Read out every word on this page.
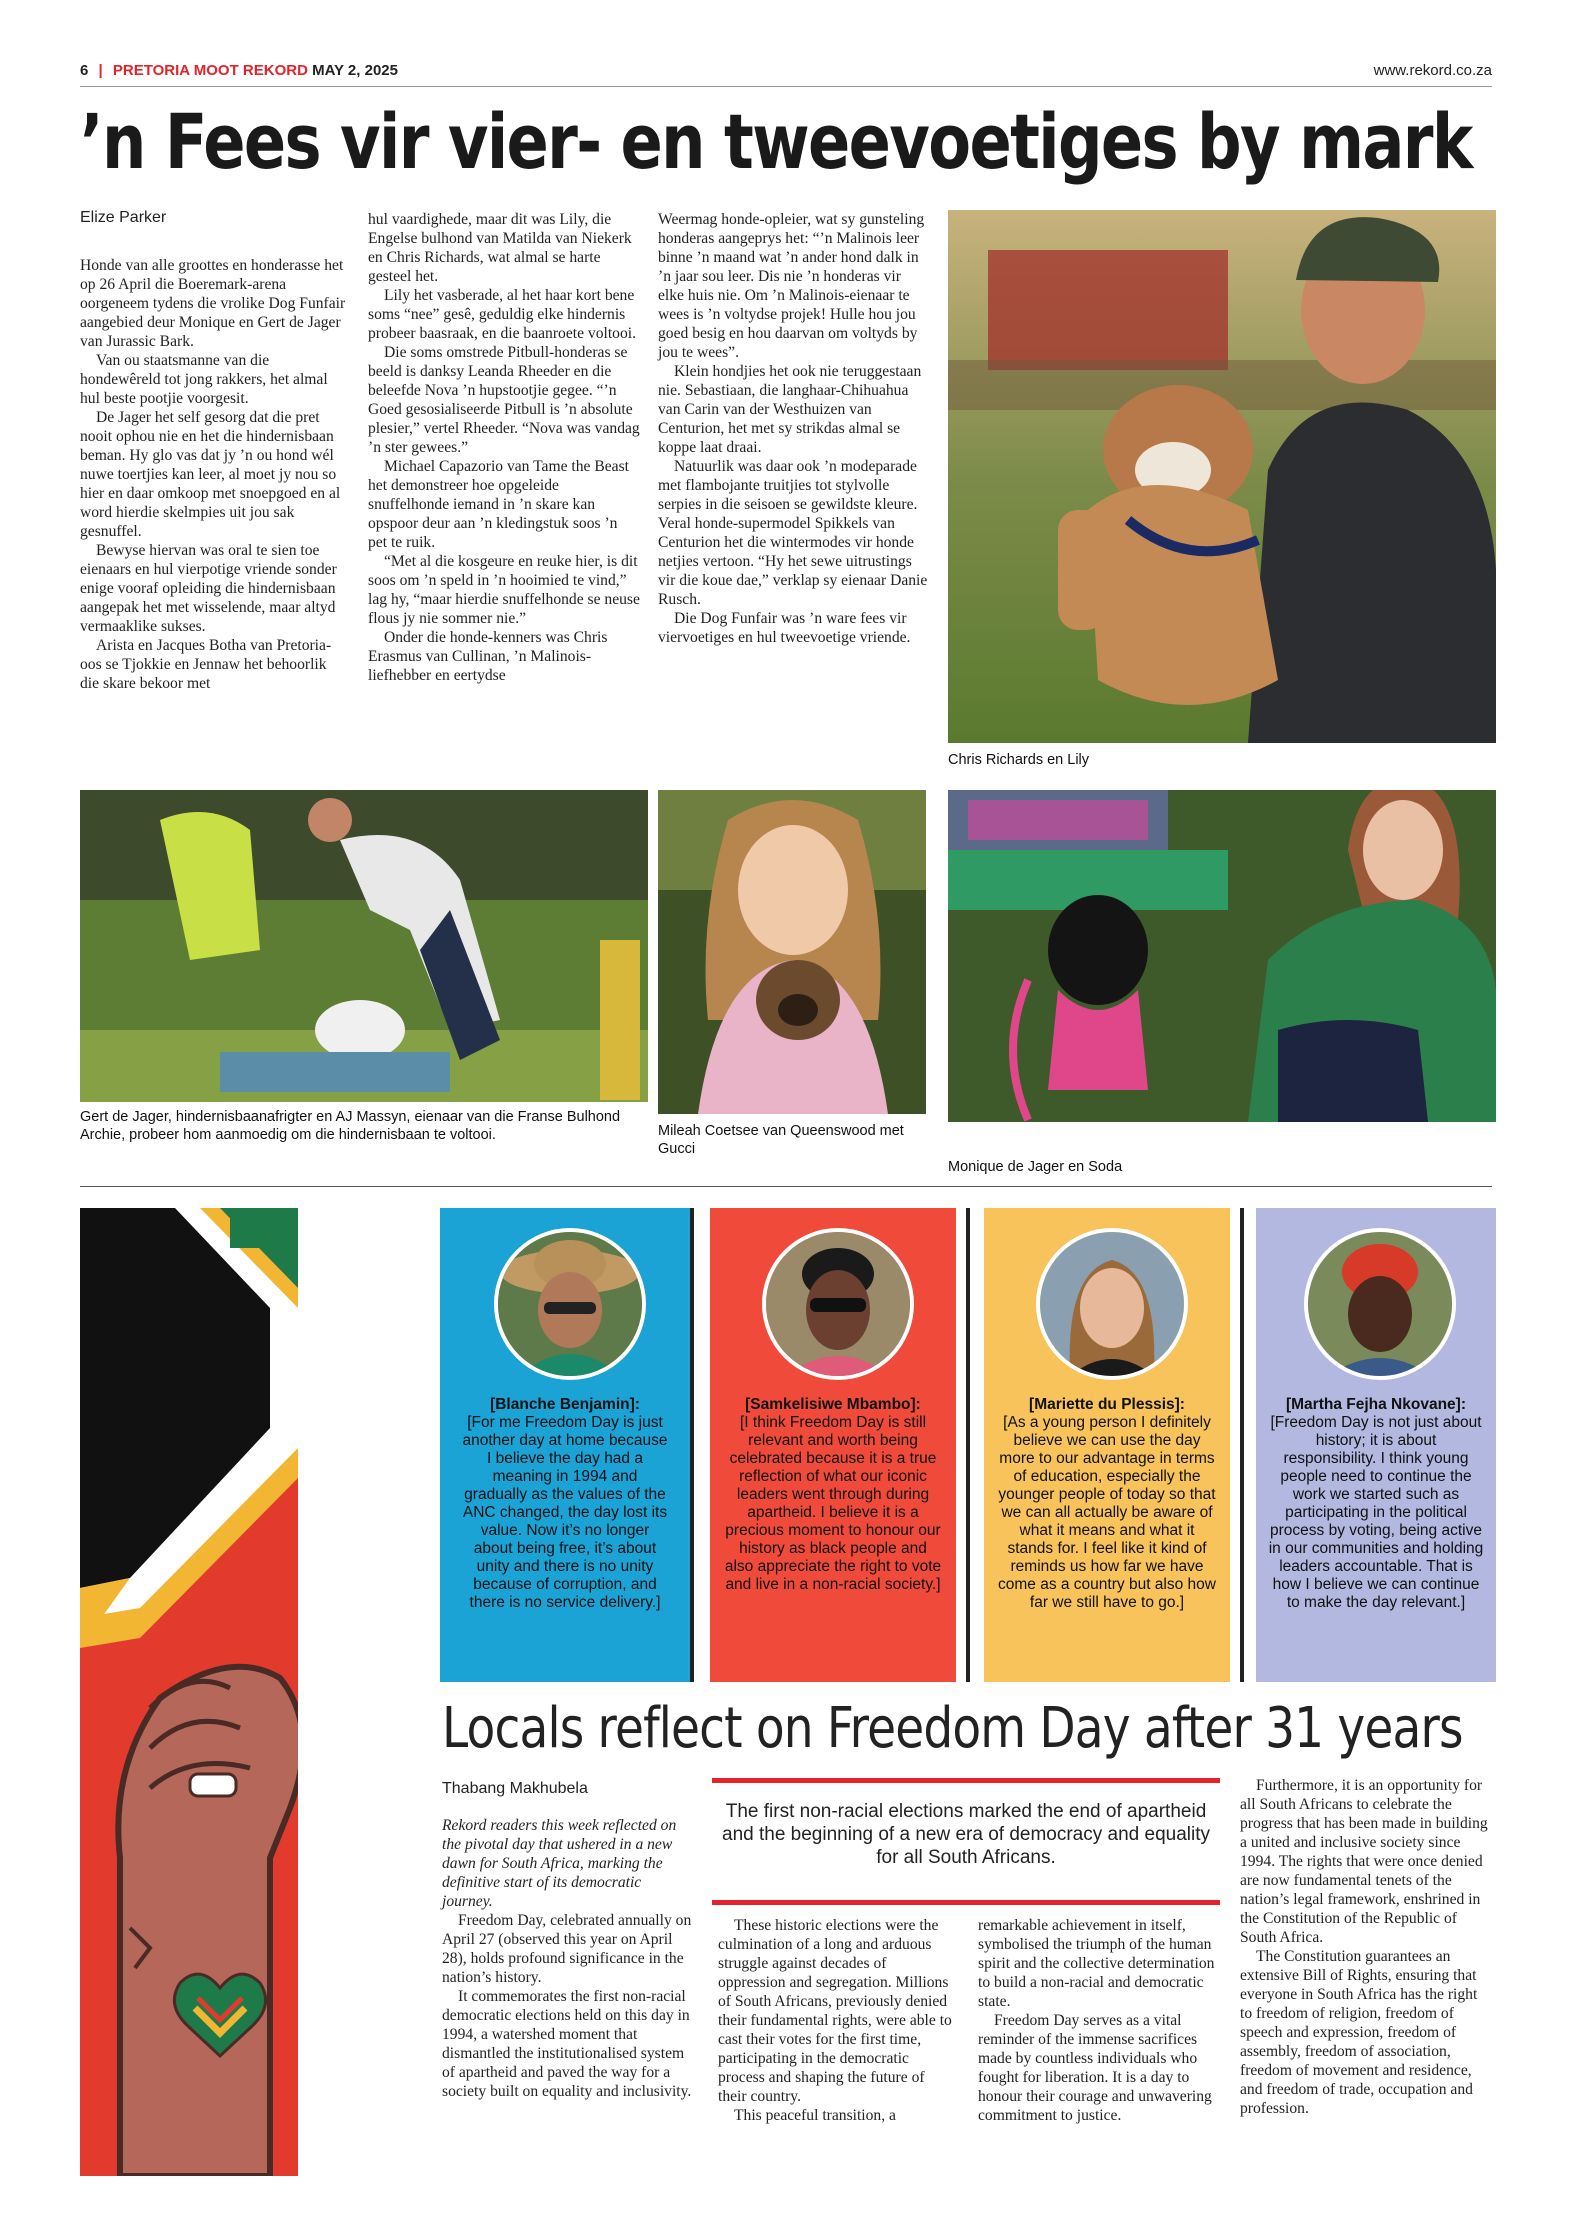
6 | PRETORIA MOOT REKORD MAY 2, 2025	www.rekord.co.za
’n Fees vir vier- en tweevoetiges by mark
Elize Parker

Honde van alle groottes en honderasse het op 26 April die Boeremark-arena oorgeneem tydens die vrolike Dog Funfair aangebied deur Monique en Gert de Jager van Jurassic Bark.

Van ou staatsmanne van die hondewêreld tot jong rakkers, het almal hul beste pootjie voorgesit.

De Jager het self gesorg dat die pret nooit ophou nie en het die hindernisbaan beman. Hy glo vas dat jy ’n ou hond wél nuwe toertjies kan leer, al moet jy nou so hier en daar omkoop met snoepgoed en al word hierdie skelmpies uit jou sak gesnuffel.

Bewyse hiervan was oral te sien toe eienaars en hul vierpotige vriende sonder enige vooraf opleiding die hindernisbaan aangepak het met wisselende, maar altyd vermaaklike sukses.

Arista en Jacques Botha van Pretoria-oos se Tjokkie en Jennaw het behoorlik die skare bekoor met

hul vaardighede, maar dit was Lily, die Engelse bulhond van Matilda van Niekerk en Chris Richards, wat almal se harte gesteel het.

Lily het vasberade, al het haar kort bene soms “nee” gesê, geduldig elke hindernis probeer baasraak, en die baanroete voltooi.

Die soms omstrede Pitbull-honderas se beeld is danksy Leanda Rheeder en die beleefde Nova ’n hupstootjie gegee. “’n Goed gesosialiseerde Pitbull is ’n absolute plesier,” vertel Rheeder. “Nova was vandag ’n ster gewees.”

Michael Capazorio van Tame the Beast het demonstreer hoe opgeleide snuffelhonde iemand in ’n skare kan opspoor deur aan ’n kledingstuk soos ’n pet te ruik.

“Met al die kosgeure en reuke hier, is dit soos om ’n speld in ’n hooimied te vind,” lag hy, “maar hierdie snuffelhonde se neuse flous jy nie sommer nie.”

Onder die honde-kenners was Chris Erasmus van Cullinan, ’n Malinois-liefhebber en eertydse

Weermag honde-opleier, wat sy gunsteling honderas aangeprys het: “’n Malinois leer binne ’n maand wat ’n ander hond dalk in ’n jaar sou leer. Dis nie ’n honderas vir elke huis nie. Om ’n Malinois-eienaar te wees is ’n voltydse projek! Hulle hou jou goed besig en hou daarvan om voltyds by jou te wees”.

Klein hondjies het ook nie teruggestaan nie. Sebastiaan, die langhaar-Chihuahua van Carin van der Westhuizen van Centurion, het met sy strikdas almal se koppe laat draai.

Natuurlik was daar ook ’n modeparade met flambojante truitjies tot stylvolle serpies in die seisoen se gewildste kleure. Veral honde-supermodel Spikkels van Centurion het die wintermodes vir honde netjies vertoon. “Hy het sewe uitrustings vir die koue dae,” verklap sy eienaar Danie Rusch.

Die Dog Funfair was ’n ware fees vir viervoetiges en hul tweevoetige vriende.

Chris Richards en Lily
Gert de Jager, hindernisbaanafrigter en AJ Massyn, eienaar van die Franse Bulhond Archie, probeer hom aanmoedig om die hindernisbaan te voltooi.	Mileah Coetsee van Queenswood met Gucci
Monique de Jager en Soda
[Blanche Benjamin]:
[For me Freedom Day is just another day at home because I believe the day had a meaning in 1994 and gradually as the values of the ANC changed, the day lost its value. Now it’s no longer about being free, it’s about unity and there is no unity because of corruption, and there is no service delivery.]
[Samkelisiwe Mbambo]:
[I think Freedom Day is still relevant and worth being celebrated because it is a true reflection of what our iconic leaders went through during apartheid. I believe it is a precious moment to honour our history as black people and also appreciate the right to vote and live in a non-racial society.]
[Mariette du Plessis]:
[As a young person I definitely believe we can use the day more to our advantage in terms of education, especially the younger people of today so that we can all actually be aware of what it means and what it stands for. I feel like it kind of reminds us how far we have come as a country but also how far we still have to go.]
[Martha Fejha Nkovane]:
[Freedom Day is not just about history; it is about responsibility. I think young people need to continue the work we started such as participating in the political process by voting, being active in our communities and holding leaders accountable. That is how I believe we can continue to make the day relevant.]
Locals reflect on Freedom Day after 31 years
Thabang Makhubela
The first non-racial elections marked the end of apartheid and the beginning of a new era of democracy and equality for all South Africans.

Rekord readers this week reflected on the pivotal day that ushered in a new dawn for South Africa, marking the definitive start of its democratic journey.

Freedom Day, celebrated annually on April 27 (observed this year on April 28), holds profound significance in the nation’s history.

It commemorates the first non-racial democratic elections held on this day in 1994, a watershed moment that dismantled the institutionalised system of apartheid and paved the way for a society built on equality and inclusivity.

These historic elections were the culmination of a long and arduous struggle against decades of oppression and segregation. Millions of South Africans, previously denied their fundamental rights, were able to cast their votes for the first time, participating in the democratic process and shaping the future of their country.

This peaceful transition, a

remarkable achievement in itself, symbolised the triumph of the human spirit and the collective determination to build a non-racial and democratic state.

Freedom Day serves as a vital reminder of the immense sacrifices made by countless individuals who fought for liberation. It is a day to honour their courage and unwavering commitment to justice.

Furthermore, it is an opportunity for all South Africans to celebrate the progress that has been made in building a united and inclusive society since 1994. The rights that were once denied are now fundamental tenets of the nation’s legal framework, enshrined in the Constitution of the Republic of South Africa.

The Constitution guarantees an extensive Bill of Rights, ensuring that everyone in South Africa has the right to freedom of religion, freedom of speech and expression, freedom of assembly, freedom of association, freedom of movement and residence, and freedom of trade, occupation and profession.
